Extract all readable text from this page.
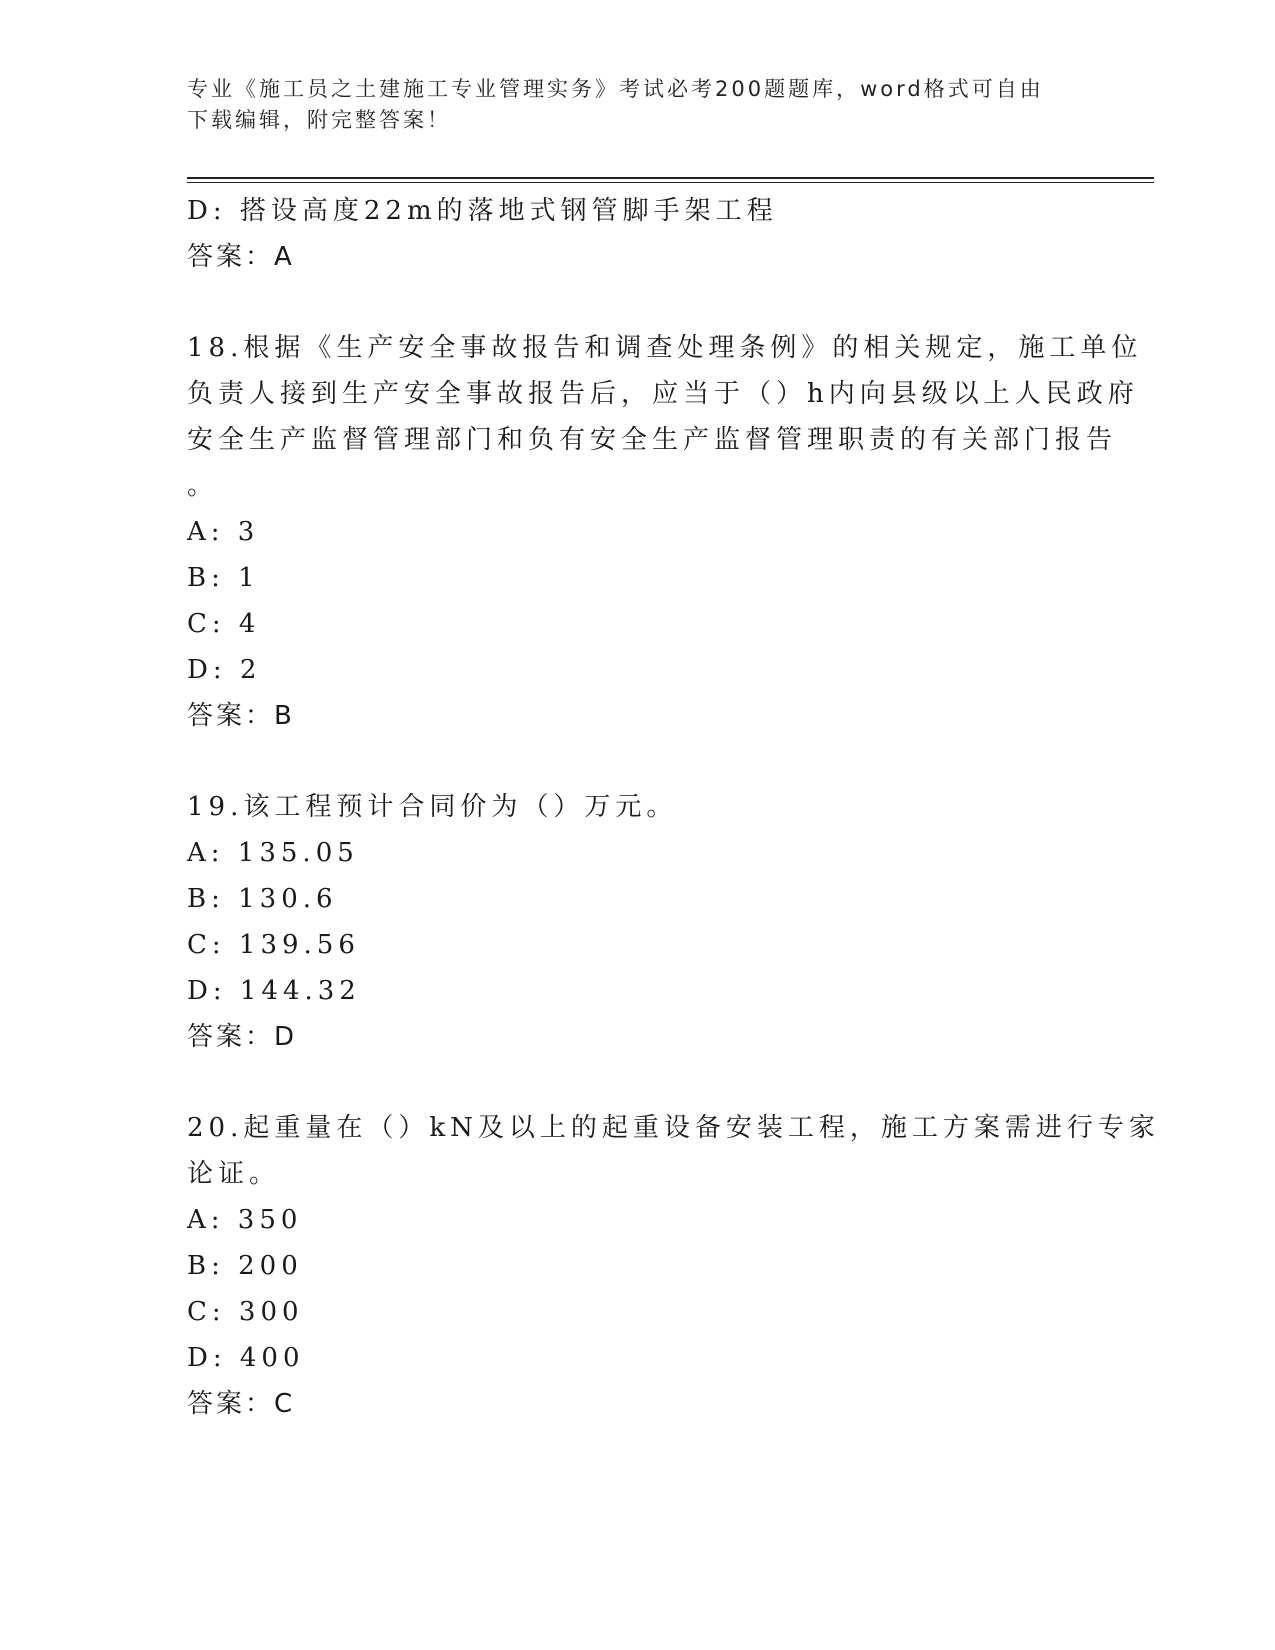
专业《施工员之土建施工专业管理实务》考试必考200题题库，word格式可自由
下载编辑，附完整答案！
D: 搭设高度22m的落地式钢管脚手架工程
答案：A
18.根据《生产安全事故报告和调查处理条例》的相关规定，施工单位
负责人接到生产安全事故报告后，应当于（）h内向县级以上人民政府
安全生产监督管理部门和负有安全生产监督管理职责的有关部门报告
。
A: 3
B: 1
C: 4
D: 2
答案：B
19.该工程预计合同价为（）万元。
A: 135.05
B: 130.6
C: 139.56
D: 144.32
答案：D
20.起重量在（）kN及以上的起重设备安装工程，施工方案需进行专家
论证。
A: 350
B: 200
C: 300
D: 400
答案：C
